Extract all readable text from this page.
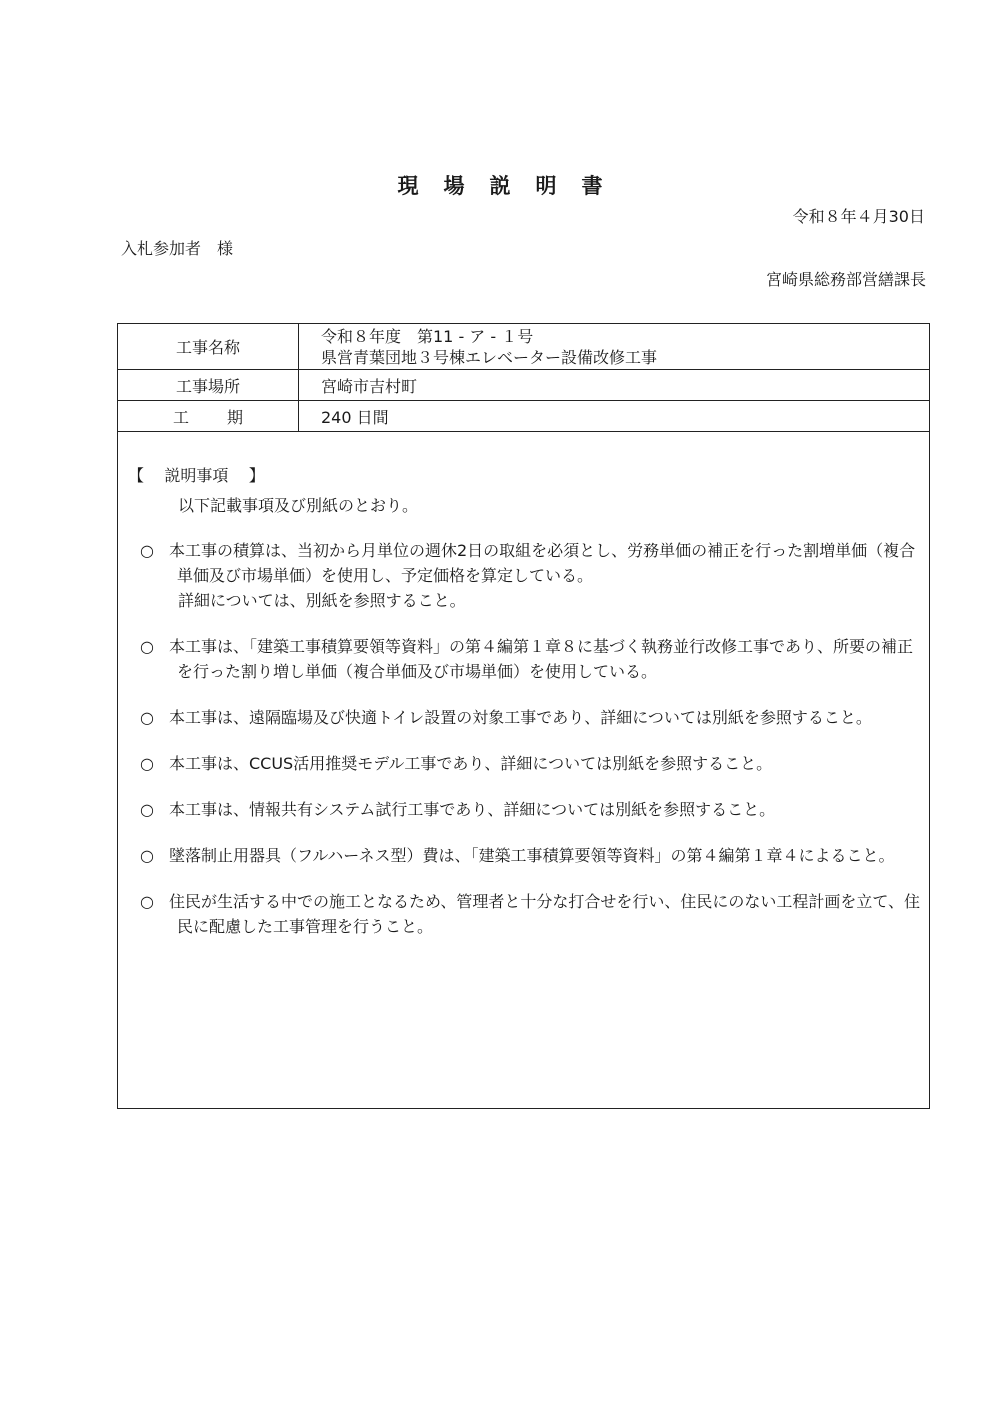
現場説明書
令和８年４月30日
入札参加者　様
宮崎県総務部営繕課長
工事名称	令和８年度　第11 - ア - １号
県営青葉団地３号棟エレベーター設備改修工事

工事場所	宮崎市吉村町
工期	240 日間

【 説明事項 】

以下記載事項及び別紙のとおり。

○ 本工事の積算は、当初から月単位の週休2日の取組を必須とし、労務単価の補正を行った割増単価（複合単価及び市場単価）を使用し、予定価格を算定している。
詳細については、別紙を参照すること。
○ 本工事は、「建築工事積算要領等資料」の第４編第１章８に基づく執務並行改修工事であり、所要の補正を行った割り増し単価（複合単価及び市場単価）を使用している。
○ 本工事は、遠隔臨場及び快適トイレ設置の対象工事であり、詳細については別紙を参照すること。
○ 本工事は、CCUS活用推奨モデル工事であり、詳細については別紙を参照すること。
○ 本工事は、情報共有システム試行工事であり、詳細については別紙を参照すること。
○ 墜落制止用器具（フルハーネス型）費は、「建築工事積算要領等資料」の第４編第１章４によること。
○ 住民が生活する中での施工となるため、管理者と十分な打合せを行い、住民にのない工程計画を立て、住民に配慮した工事管理を行うこと。
